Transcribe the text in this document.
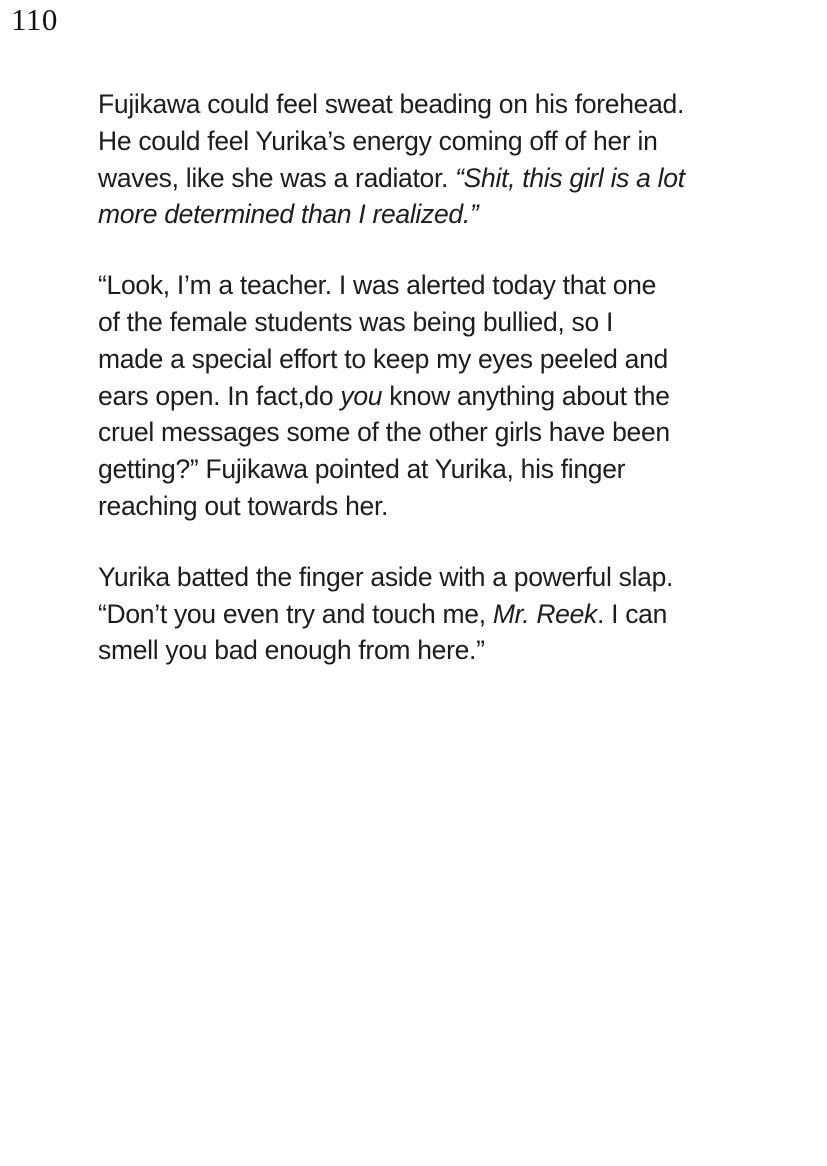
110

Fujikawa could feel sweat beading on his forehead.
He could feel Yurika’s energy coming off of her in
waves, like she was a radiator. “Shit, this girl is a lot
more determined than I realized.”

“Look, I’m a teacher. I was alerted today that one
of the female students was being bullied, so I
made a special effort to keep my eyes peeled and
ears open. In fact,do you know anything about the
cruel messages some of the other girls have been
getting?” Fujikawa pointed at Yurika, his finger
reaching out towards her.

Yurika batted the finger aside with a powerful slap.
“Don’t you even try and touch me, Mr. Reek. I can
smell you bad enough from here.”
